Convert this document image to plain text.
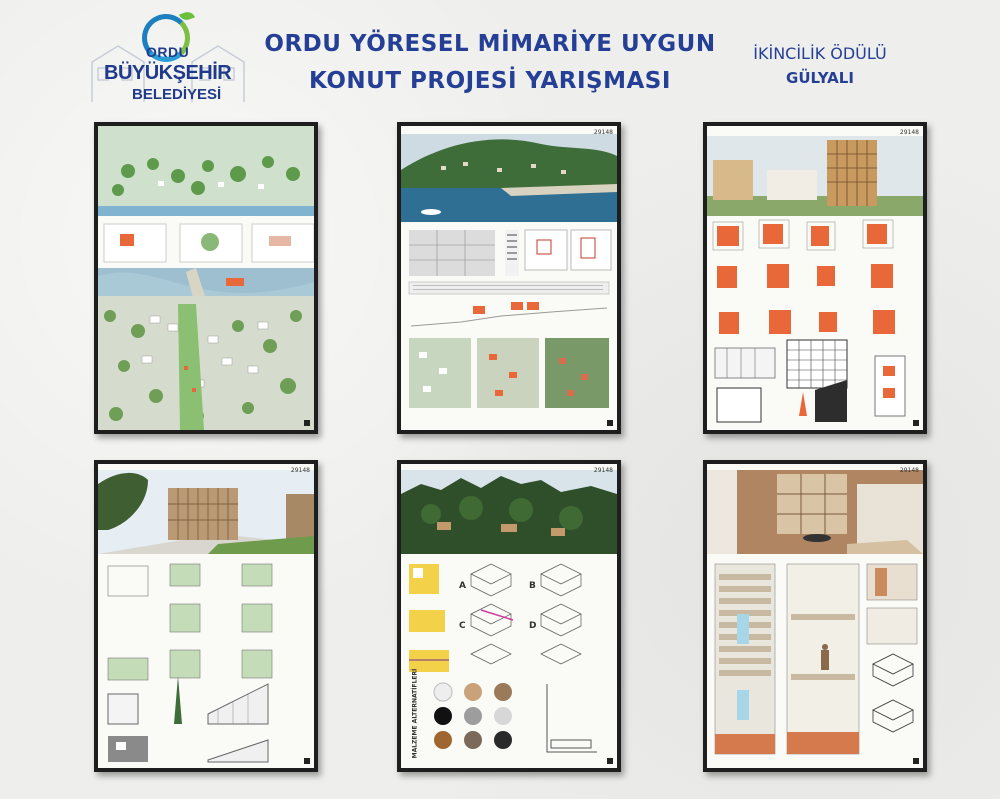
ORDU
BÜYÜKŞEHİR
BELEDİYESİ
ORDU YÖRESEL MİMARİYE UYGUN
KONUT PROJESİ YARIŞMASI
İKİNCİLİK ÖDÜLÜ
GÜLYALI
29148	29148
29148	29148
A	B
C	D
MALZEME ALTERNATİFLERİ
29148
